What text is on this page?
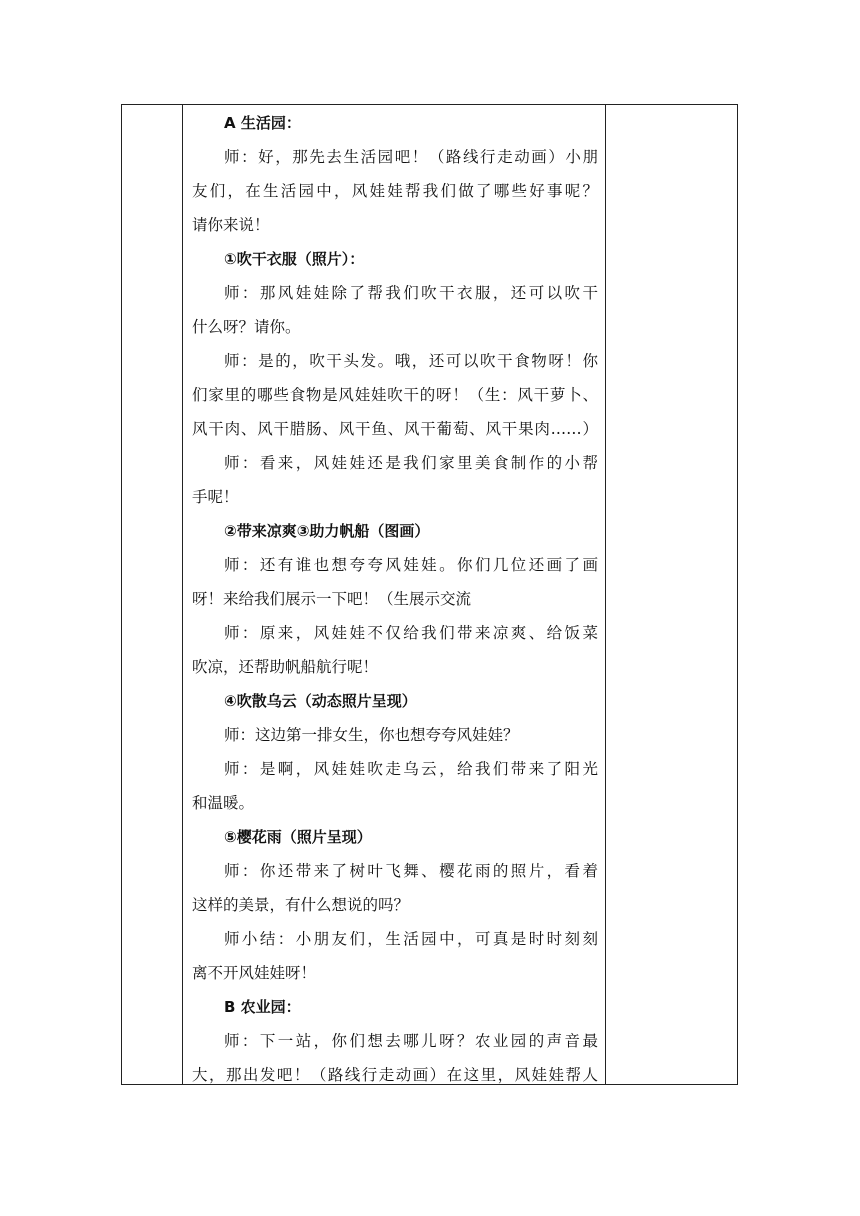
A 生活园：
师：好，那先去生活园吧！（路线行走动画）小朋
友们，在生活园中，风娃娃帮我们做了哪些好事呢？
请你来说！
①吹干衣服（照片）：
师：那风娃娃除了帮我们吹干衣服，还可以吹干
什么呀？请你。
师：是的，吹干头发。哦，还可以吹干食物呀！你
们家里的哪些食物是风娃娃吹干的呀！（生：风干萝卜、
风干肉、风干腊肠、风干鱼、风干葡萄、风干果肉……）
师：看来，风娃娃还是我们家里美食制作的小帮
手呢！
②带来凉爽③助力帆船（图画）
师：还有谁也想夸夸风娃娃。你们几位还画了画
呀！来给我们展示一下吧！（生展示交流
师：原来，风娃娃不仅给我们带来凉爽、给饭菜
吹凉，还帮助帆船航行呢！
④吹散乌云（动态照片呈现）
师：这边第一排女生，你也想夸夸风娃娃？
师：是啊，风娃娃吹走乌云，给我们带来了阳光
和温暖。
⑤樱花雨（照片呈现）
师：你还带来了树叶飞舞、樱花雨的照片，看着
这样的美景，有什么想说的吗？
师小结：小朋友们，生活园中，可真是时时刻刻
离不开风娃娃呀！
B 农业园：
师：下一站，你们想去哪儿呀？农业园的声音最
大，那出发吧！（路线行走动画）在这里，风娃娃帮人
